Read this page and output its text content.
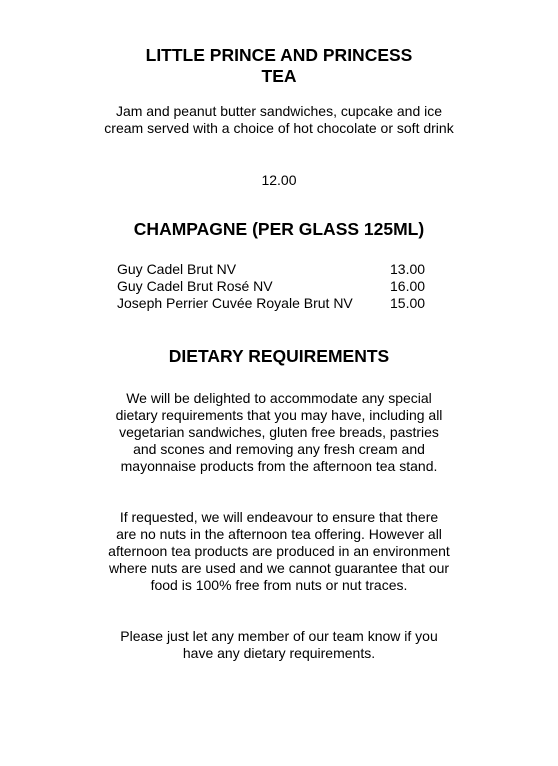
LITTLE PRINCE AND PRINCESS
TEA
Jam and peanut butter sandwiches, cupcake and ice cream served with a choice of hot chocolate or soft drink
12.00
CHAMPAGNE (PER GLASS 125ML)
Guy Cadel Brut NV	13.00
Guy Cadel Brut Rosé NV	16.00
Joseph Perrier Cuvée Royale Brut NV	15.00
DIETARY REQUIREMENTS
We will be delighted to accommodate any special dietary requirements that you may have, including all vegetarian sandwiches, gluten free breads, pastries and scones and removing any fresh cream and mayonnaise products from the afternoon tea stand.
If requested, we will endeavour to ensure that there are no nuts in the afternoon tea offering. However all afternoon tea products are produced in an environment where nuts are used and we cannot guarantee that our food is 100% free from nuts or nut traces.
Please just let any member of our team know if you have any dietary requirements.
